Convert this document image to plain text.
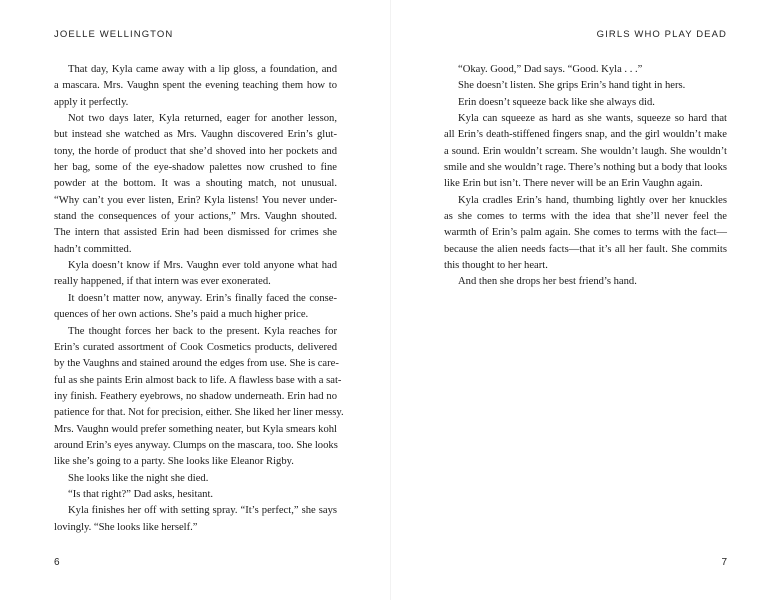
JOELLE WELLINGTON
That day, Kyla came away with a lip gloss, a foundation, and
a mascara. Mrs. Vaughn spent the evening teaching them how to
apply it perfectly.
Not two days later, Kyla returned, eager for another lesson,
but instead she watched as Mrs. Vaughn discovered Erin’s glut-
tony, the horde of product that she’d shoved into her pockets and
her bag, some of the eye-shadow palettes now crushed to fine
powder at the bottom. It was a shouting match, not unusual.
“Why can’t you ever listen, Erin? Kyla listens! You never under-
stand the consequences of your actions,” Mrs. Vaughn shouted.
The intern that assisted Erin had been dismissed for crimes she
hadn’t committed.
Kyla doesn’t know if Mrs. Vaughn ever told anyone what had
really happened, if that intern was ever exonerated.
It doesn’t matter now, anyway. Erin’s finally faced the conse-
quences of her own actions. She’s paid a much higher price.
The thought forces her back to the present. Kyla reaches for
Erin’s curated assortment of Cook Cosmetics products, delivered
by the Vaughns and stained around the edges from use. She is care-
ful as she paints Erin almost back to life. A flawless base with a sat-
iny finish. Feathery eyebrows, no shadow underneath. Erin had no
patience for that. Not for precision, either. She liked her liner messy.
Mrs. Vaughn would prefer something neater, but Kyla smears kohl
around Erin’s eyes anyway. Clumps on the mascara, too. She looks
like she’s going to a party. She looks like Eleanor Rigby.
She looks like the night she died.
“Is that right?” Dad asks, hesitant.
Kyla finishes her off with setting spray. “It’s perfect,” she says
lovingly. “She looks like herself.”
6
GIRLS WHO PLAY DEAD
“Okay. Good,” Dad says. “Good. Kyla . . .”
She doesn’t listen. She grips Erin’s hand tight in hers.
Erin doesn’t squeeze back like she always did.
Kyla can squeeze as hard as she wants, squeeze so hard that
all Erin’s death-stiffened fingers snap, and the girl wouldn’t make
a sound. Erin wouldn’t scream. She wouldn’t laugh. She wouldn’t
smile and she wouldn’t rage. There’s nothing but a body that looks
like Erin but isn’t. There never will be an Erin Vaughn again.
Kyla cradles Erin’s hand, thumbing lightly over her knuckles
as she comes to terms with the idea that she’ll never feel the
warmth of Erin’s palm again. She comes to terms with the fact—
because the alien needs facts—that it’s all her fault. She commits
this thought to her heart.
And then she drops her best friend’s hand.
7
